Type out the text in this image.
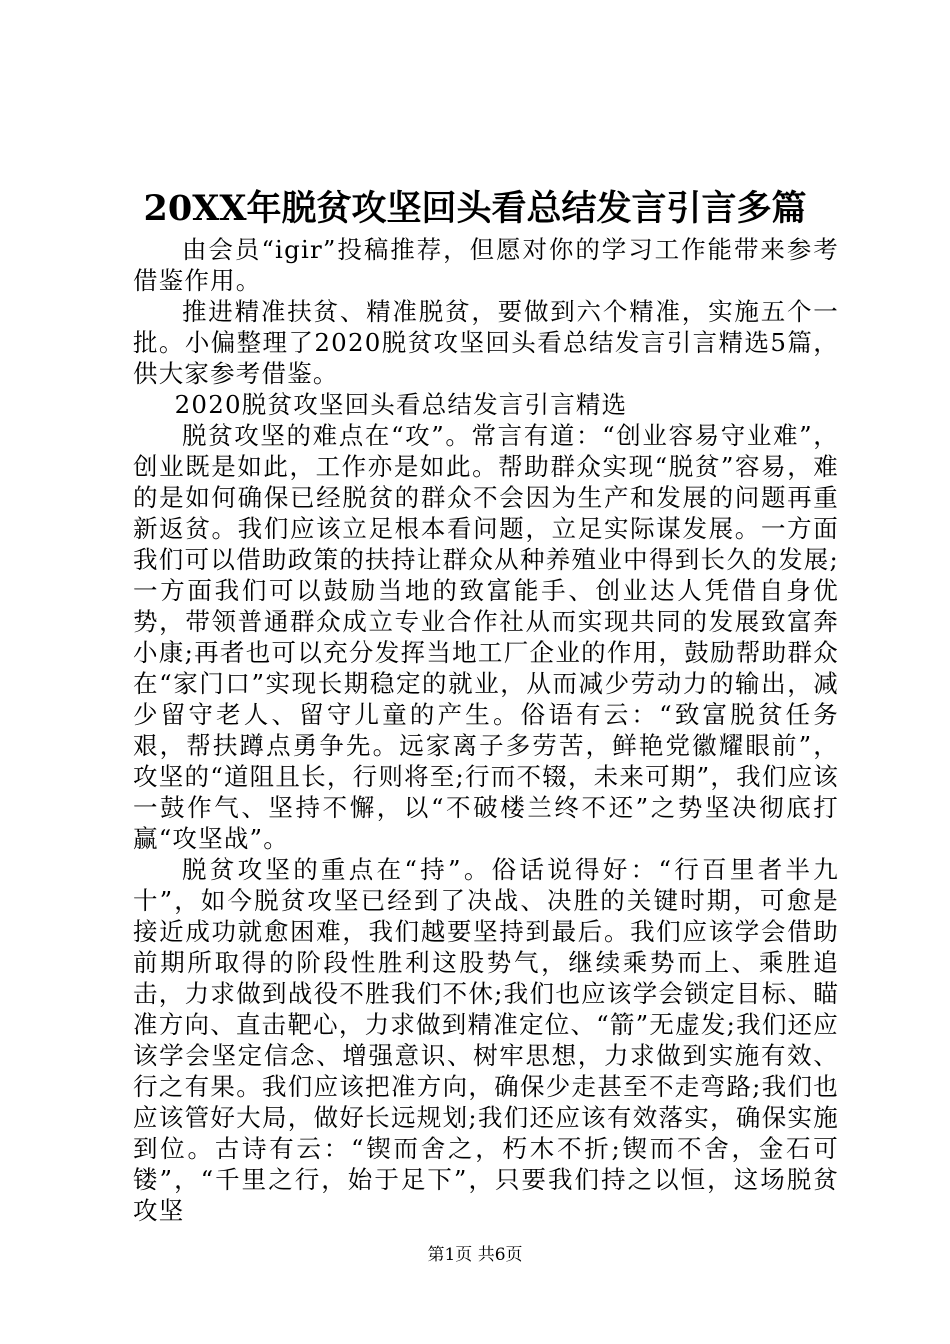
20XX年脱贫攻坚回头看总结发言引言多篇

由会员“igir”投稿推荐，但愿对你的学习工作能带来参考借鉴作用。

推进精准扶贫、精准脱贫，要做到六个精准，实施五个一批。小偏整理了2020脱贫攻坚回头看总结发言引言精选5篇，供大家参考借鉴。

2020脱贫攻坚回头看总结发言引言精选

脱贫攻坚的难点在“攻”。常言有道：“创业容易守业难”，创业既是如此，工作亦是如此。帮助群众实现“脱贫”容易，难的是如何确保已经脱贫的群众不会因为生产和发展的问题再重新返贫。我们应该立足根本看问题，立足实际谋发展。一方面我们可以借助政策的扶持让群众从种养殖业中得到长久的发展;一方面我们可以鼓励当地的致富能手、创业达人凭借自身优势，带领普通群众成立专业合作社从而实现共同的发展致富奔小康;再者也可以充分发挥当地工厂企业的作用，鼓励帮助群众在“家门口”实现长期稳定的就业，从而减少劳动力的输出，减少留守老人、留守儿童的产生。俗语有云：“致富脱贫任务艰，帮扶蹲点勇争先。远家离子多劳苦，鲜艳党徽耀眼前”，攻坚的“道阻且长，行则将至;行而不辍，未来可期”，我们应该一鼓作气、坚持不懈，以“不破楼兰终不还”之势坚决彻底打赢“攻坚战”。

脱贫攻坚的重点在“持”。俗话说得好：“行百里者半九十”，如今脱贫攻坚已经到了决战、决胜的关键时期，可愈是接近成功就愈困难，我们越要坚持到最后。我们应该学会借助前期所取得的阶段性胜利这股势气，继续乘势而上、乘胜追击，力求做到战役不胜我们不休;我们也应该学会锁定目标、瞄准方向、直击靶心，力求做到精准定位、“箭”无虚发;我们还应该学会坚定信念、增强意识、树牢思想，力求做到实施有效、行之有果。我们应该把准方向，确保少走甚至不走弯路;我们也应该管好大局，做好长远规划;我们还应该有效落实，确保实施到位。古诗有云：“锲而舍之，朽木不折;锲而不舍，金石可镂”，“千里之行，始于足下”，只要我们持之以恒，这场脱贫攻坚

第1页 共6页
